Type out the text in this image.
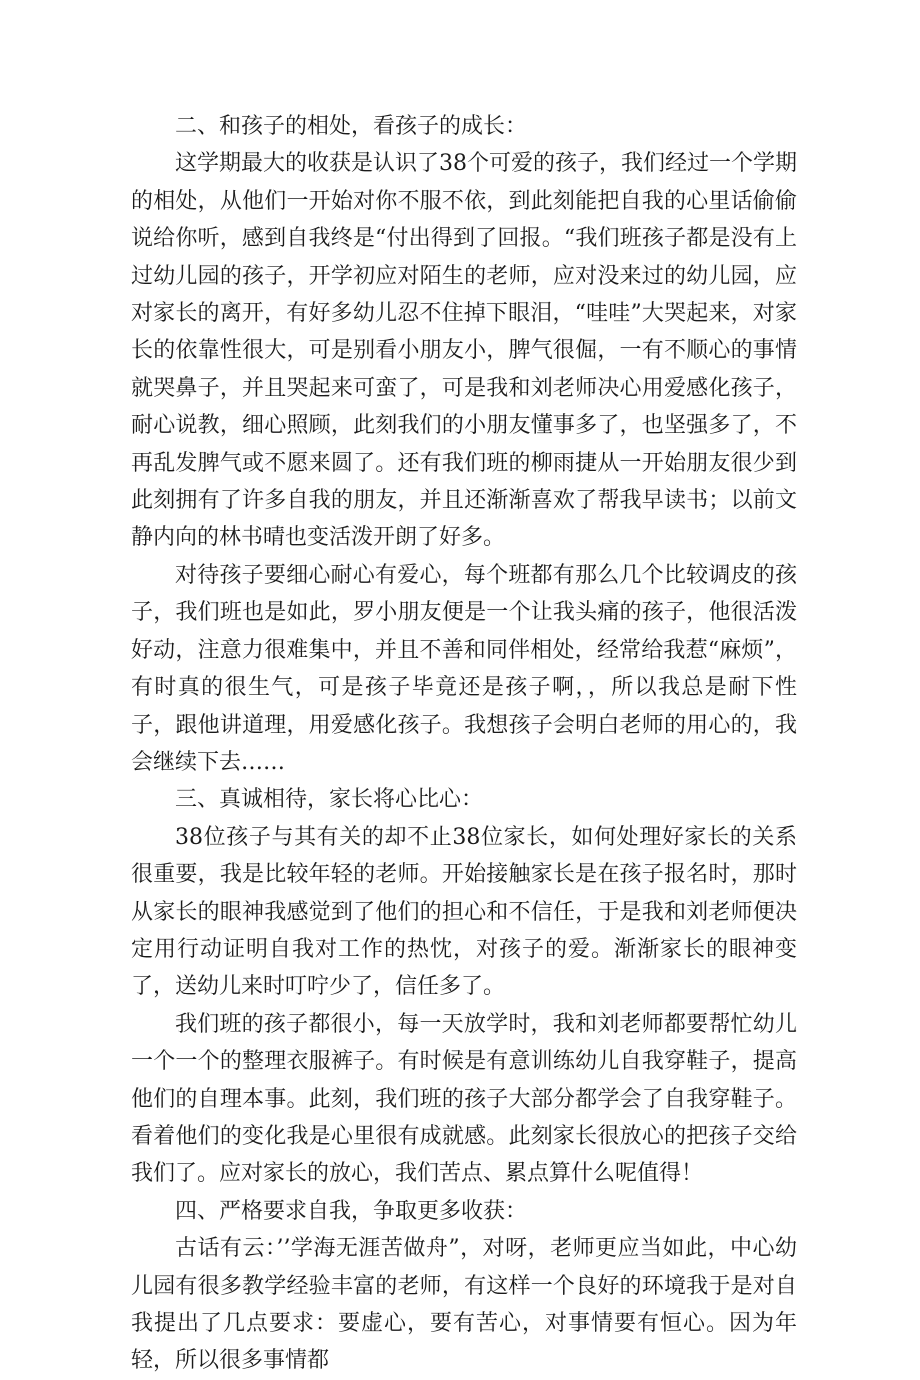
二、和孩子的相处，看孩子的成长：

这学期最大的收获是认识了38个可爱的孩子，我们经过一个学期的相处，从他们一开始对你不服不依，到此刻能把自我的心里话偷偷说给你听，感到自我终是“付出得到了回报。“我们班孩子都是没有上过幼儿园的孩子，开学初应对陌生的老师，应对没来过的幼儿园，应对家长的离开，有好多幼儿忍不住掉下眼泪，“哇哇”大哭起来，对家长的依靠性很大，可是别看小朋友小，脾气很倔，一有不顺心的事情就哭鼻子，并且哭起来可蛮了，可是我和刘老师决心用爱感化孩子，耐心说教，细心照顾，此刻我们的小朋友懂事多了，也坚强多了，不再乱发脾气或不愿来圆了。还有我们班的柳雨捷从一开始朋友很少到此刻拥有了许多自我的朋友，并且还渐渐喜欢了帮我早读书；以前文静内向的林书晴也变活泼开朗了好多。

对待孩子要细心耐心有爱心，每个班都有那么几个比较调皮的孩子，我们班也是如此，罗小朋友便是一个让我头痛的孩子，他很活泼好动，注意力很难集中，并且不善和同伴相处，经常给我惹“麻烦”，有时真的很生气，可是孩子毕竟还是孩子啊，，所以我总是耐下性子，跟他讲道理，用爱感化孩子。我想孩子会明白老师的用心的，我会继续下去……

三、真诚相待，家长将心比心：

38位孩子与其有关的却不止38位家长，如何处理好家长的关系很重要，我是比较年轻的老师。开始接触家长是在孩子报名时，那时从家长的眼神我感觉到了他们的担心和不信任，于是我和刘老师便决定用行动证明自我对工作的热忱，对孩子的爱。渐渐家长的眼神变了，送幼儿来时叮咛少了，信任多了。

我们班的孩子都很小，每一天放学时，我和刘老师都要帮忙幼儿一个一个的整理衣服裤子。有时候是有意训练幼儿自我穿鞋子，提高他们的自理本事。此刻，我们班的孩子大部分都学会了自我穿鞋子。看着他们的变化我是心里很有成就感。此刻家长很放心的把孩子交给我们了。应对家长的放心，我们苦点、累点算什么呢值得！

四、严格要求自我，争取更多收获：

古话有云：’’学海无涯苦做舟”，对呀，老师更应当如此，中心幼儿园有很多教学经验丰富的老师，有这样一个良好的环境我于是对自我提出了几点要求：要虚心，要有苦心，对事情要有恒心。因为年轻，所以很多事情都
